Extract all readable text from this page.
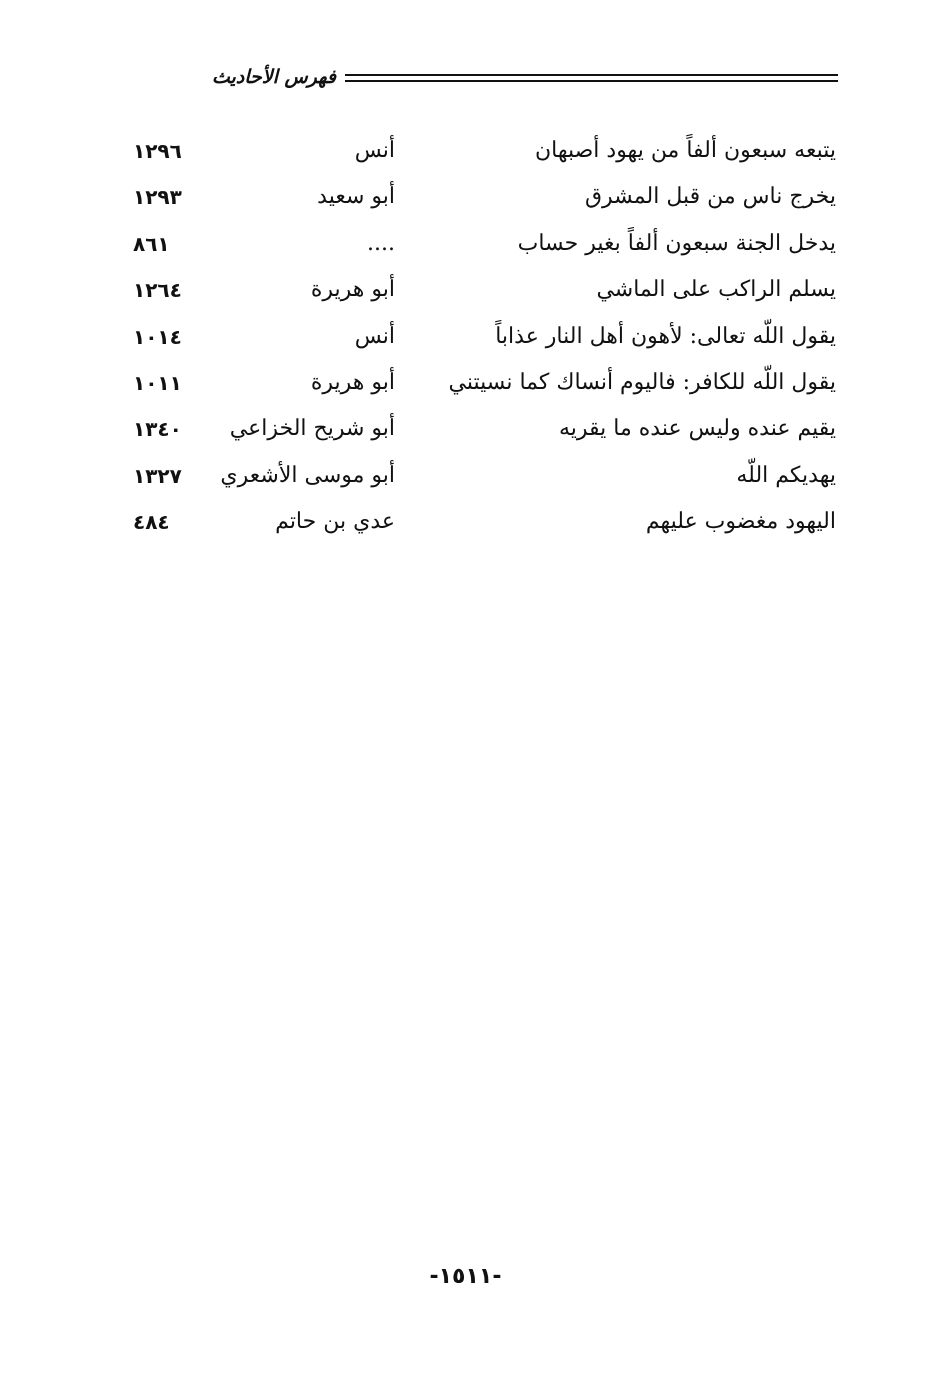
فهرس الأحاديث
يتبعه سبعون ألفاً من يهود أصبهان
أنس
١٢٩٦
يخرج ناس من قبل المشرق
أبو سعيد
١٢٩٣
يدخل الجنة سبعون ألفاً بغير حساب
....
٨٦١
يسلم الراكب على الماشي
أبو هريرة
١٢٦٤
يقول اللّه تعالى: لأهون أهل النار عذاباً
أنس
١٠١٤
يقول اللّه للكافر: فاليوم أنساك كما نسيتني
أبو هريرة
١٠١١
يقيم عنده وليس عنده ما يقريه
أبو شريح الخزاعي
١٣٤٠
يهديكم اللّه
أبو موسى الأشعري
١٣٢٧
اليهود مغضوب عليهم
عدي بن حاتم
٤٨٤
-١٥١١-
